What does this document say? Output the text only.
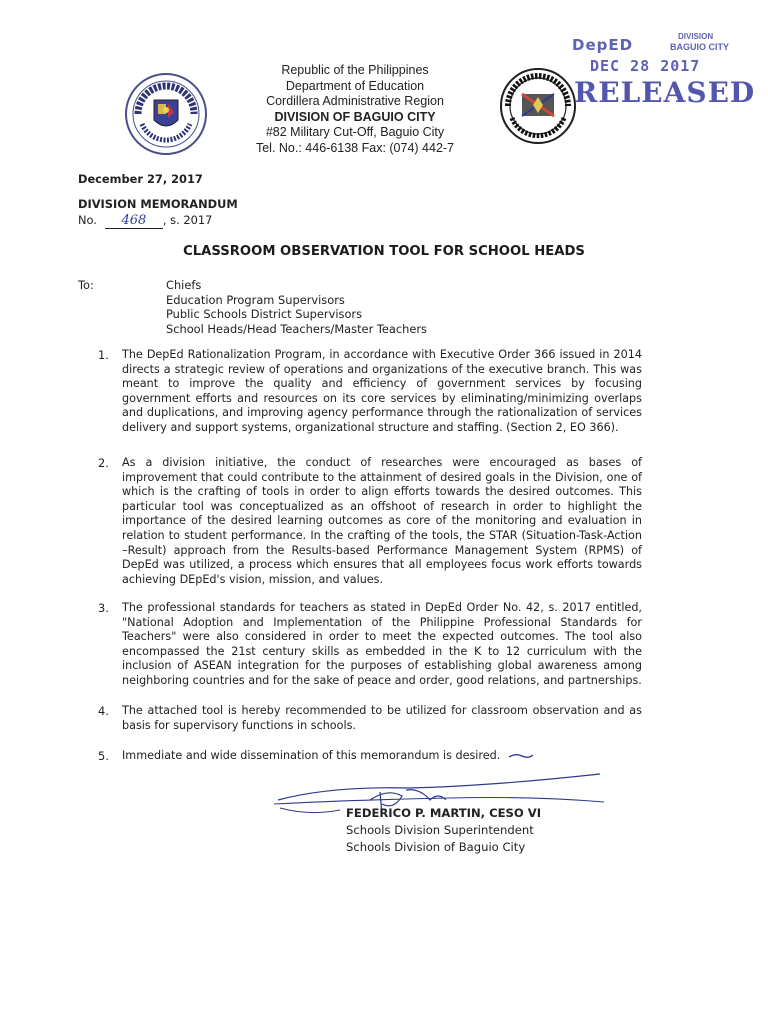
Republic of the Philippines
Department of Education
Cordillera Administrative Region
DIVISION OF BAGUIO CITY
#82 Military Cut-Off, Baguio City
Tel. No.: 446-6138 Fax: (074) 442-7
DepED	DIVISION
BAGUIO CITY
DEC 28 2017
RELEASED
December 27, 2017
DIVISION MEMORANDUM
No. 468 , s. 2017
CLASSROOM OBSERVATION TOOL FOR SCHOOL HEADS
To:	Chiefs
Education Program Supervisors
Public Schools District Supervisors
School Heads/Head Teachers/Master Teachers
1. The DepEd Rationalization Program, in accordance with Executive Order 366 issued in 2014 directs a strategic review of operations and organizations of the executive branch. This was meant to improve the quality and efficiency of government services by focusing government efforts and resources on its core services by eliminating/minimizing overlaps and duplications, and improving agency performance through the rationalization of services delivery and support systems, organizational structure and staffing. (Section 2, EO 366).
2. As a division initiative, the conduct of researches were encouraged as bases of improvement that could contribute to the attainment of desired goals in the Division, one of which is the crafting of tools in order to align efforts towards the desired outcomes. This particular tool was conceptualized as an offshoot of research in order to highlight the importance of the desired learning outcomes as core of the monitoring and evaluation in relation to student performance. In the crafting of the tools, the STAR (Situation-Task-Action –Result) approach from the Results-based Performance Management System (RPMS) of DepEd was utilized, a process which ensures that all employees focus work efforts towards achieving DEpEd's vision, mission, and values.
3. The professional standards for teachers as stated in DepEd Order No. 42, s. 2017 entitled, "National Adoption and Implementation of the Philippine Professional Standards for Teachers" were also considered in order to meet the expected outcomes. The tool also encompassed the 21st century skills as embedded in the K to 12 curriculum with the inclusion of ASEAN integration for the purposes of establishing global awareness among neighboring countries and for the sake of peace and order, good relations, and partnerships.
4. The attached tool is hereby recommended to be utilized for classroom observation and as basis for supervisory functions in schools.
5. Immediate and wide dissemination of this memorandum is desired.
FEDERICO P. MARTIN, CESO VI
Schools Division Superintendent
Schools Division of Baguio City
